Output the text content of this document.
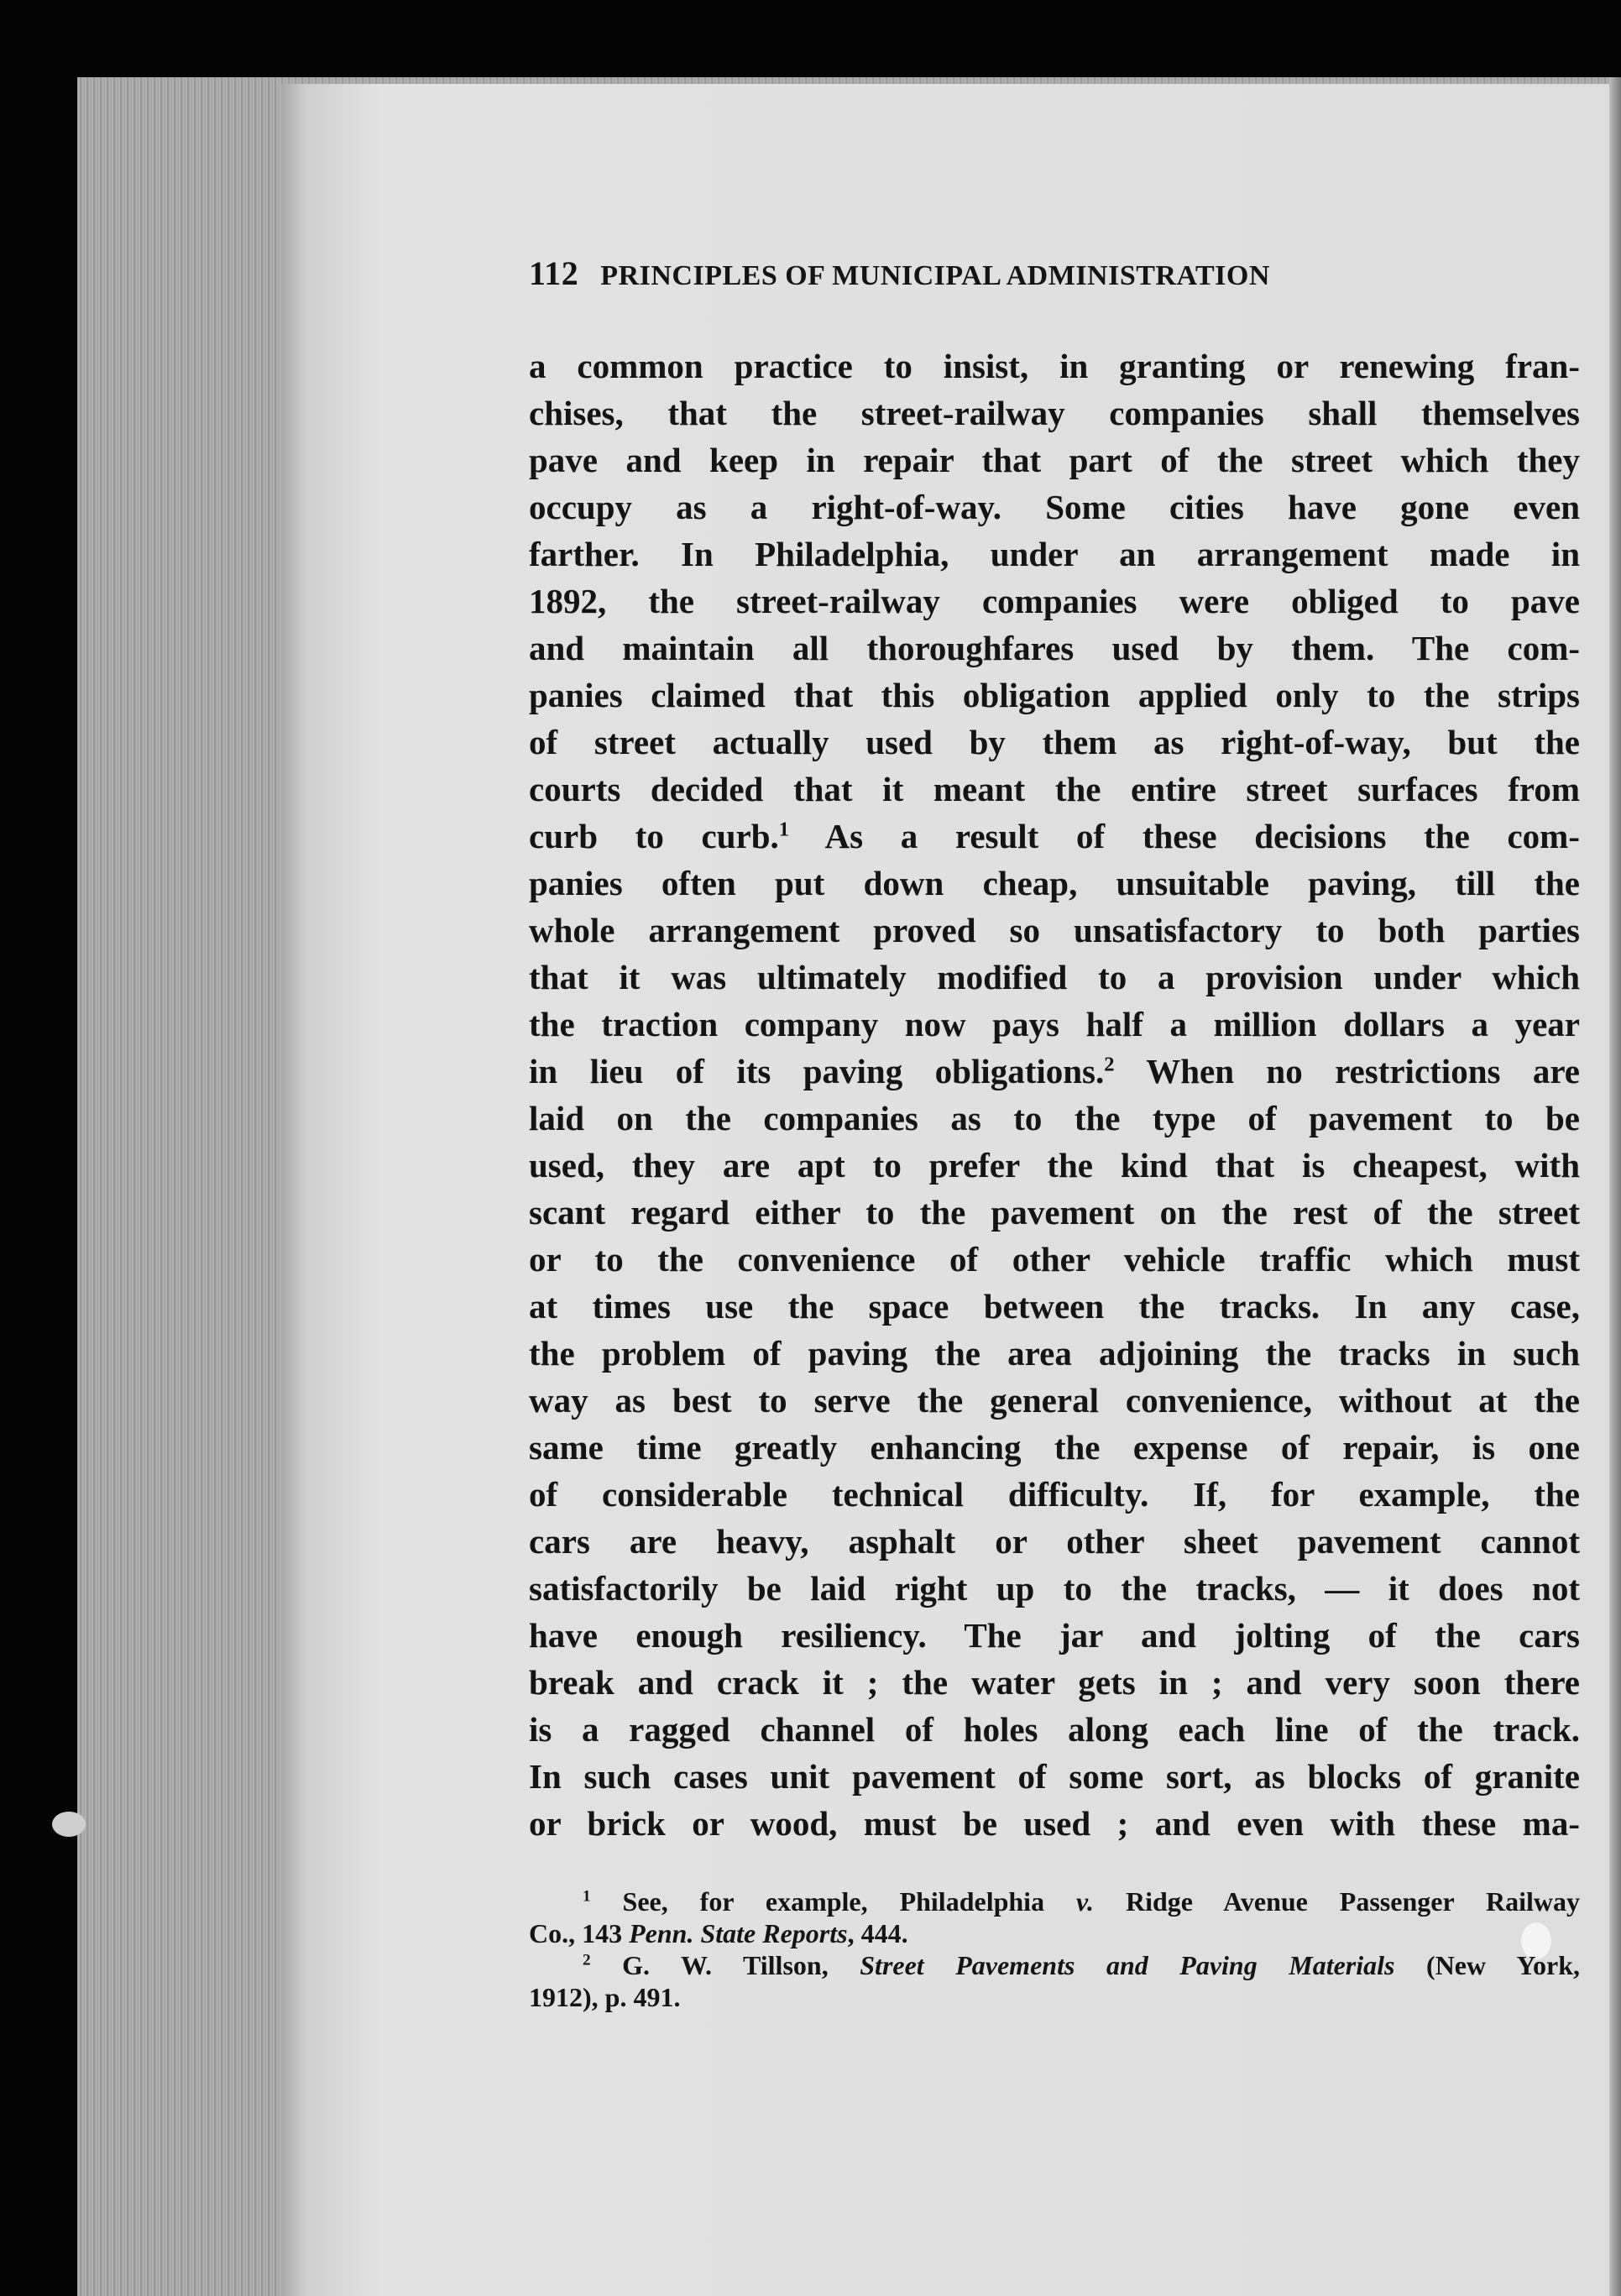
112 PRINCIPLES OF MUNICIPAL ADMINISTRATION
a common practice to insist, in granting or renewing fran-
chises, that the street-railway companies shall themselves
pave and keep in repair that part of the street which they
occupy as a right-of-way. Some cities have gone even
farther. In Philadelphia, under an arrangement made in
1892, the street-railway companies were obliged to pave
and maintain all thoroughfares used by them. The com-
panies claimed that this obligation applied only to the strips
of street actually used by them as right-of-way, but the
courts decided that it meant the entire street surfaces from
curb to curb.$^1$ As a result of these decisions the com-
panies often put down cheap, unsuitable paving, till the
whole arrangement proved so unsatisfactory to both parties
that it was ultimately modified to a provision under which
the traction company now pays half a million dollars a year
in lieu of its paving obligations.$^2$ When no restrictions are
laid on the companies as to the type of pavement to be
used, they are apt to prefer the kind that is cheapest, with
scant regard either to the pavement on the rest of the street
or to the convenience of other vehicle traffic which must
at times use the space between the tracks. In any case,
the problem of paving the area adjoining the tracks in such
way as best to serve the general convenience, without at the
same time greatly enhancing the expense of repair, is one
of considerable technical difficulty. If, for example, the
cars are heavy, asphalt or other sheet pavement cannot
satisfactorily be laid right up to the tracks, — it does not
have enough resiliency. The jar and jolting of the cars
break and crack it ; the water gets in ; and very soon there
is a ragged channel of holes along each line of the track.
In such cases unit pavement of some sort, as blocks of granite
or brick or wood, must be used ; and even with these ma-
$^1$ See, for example, Philadelphia v. Ridge Avenue Passenger Railway
Co., 143 Penn. State Reports, 444.
$^2$ G. W. Tillson, Street Pavements and Paving Materials (New York,
1912), p. 491.
